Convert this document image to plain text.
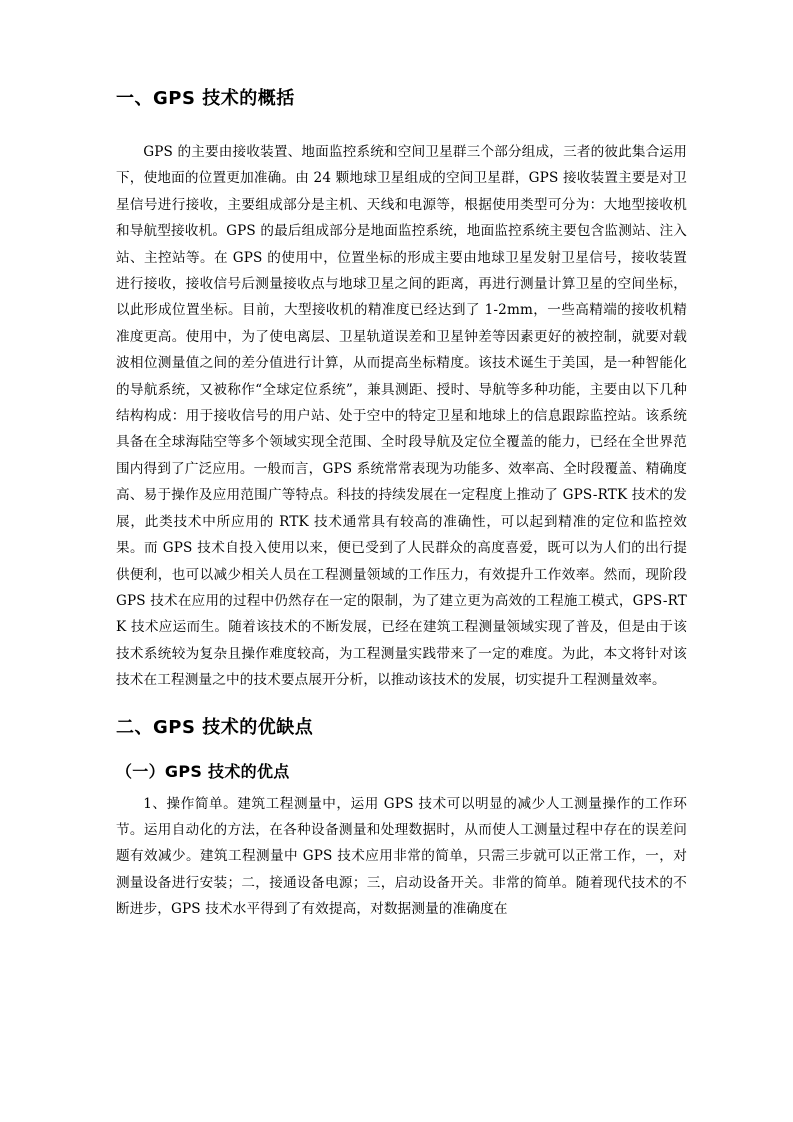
一、GPS 技术的概括

GPS 的主要由接收装置、地面监控系统和空间卫星群三个部分组成，三者的彼此集合运用下，使地面的位置更加准确。由 24 颗地球卫星组成的空间卫星群，GPS 接收装置主要是对卫星信号进行接收，主要组成部分是主机、天线和电源等，根据使用类型可分为：大地型接收机和导航型接收机。GPS 的最后组成部分是地面监控系统，地面监控系统主要包含监测站、注入站、主控站等。在 GPS 的使用中，位置坐标的形成主要由地球卫星发射卫星信号，接收装置进行接收，接收信号后测量接收点与地球卫星之间的距离，再进行测量计算卫星的空间坐标，以此形成位置坐标。目前，大型接收机的精准度已经达到了 1-2mm，一些高精端的接收机精准度更高。使用中，为了使电离层、卫星轨道误差和卫星钟差等因素更好的被控制，就要对载波相位测量值之间的差分值进行计算，从而提高坐标精度。该技术诞生于美国，是一种智能化的导航系统，又被称作“全球定位系统”，兼具测距、授时、导航等多种功能，主要由以下几种结构构成：用于接收信号的用户站、处于空中的特定卫星和地球上的信息跟踪监控站。该系统具备在全球海陆空等多个领域实现全范围、全时段导航及定位全覆盖的能力，已经在全世界范围内得到了广泛应用。一般而言，GPS 系统常常表现为功能多、效率高、全时段覆盖、精确度高、易于操作及应用范围广等特点。科技的持续发展在一定程度上推动了 GPS-RTK 技术的发展，此类技术中所应用的 RTK 技术通常具有较高的准确性，可以起到精准的定位和监控效果。而 GPS 技术自投入使用以来，便已受到了人民群众的高度喜爱，既可以为人们的出行提供便利，也可以减少相关人员在工程测量领域的工作压力，有效提升工作效率。然而，现阶段 GPS 技术在应用的过程中仍然存在一定的限制，为了建立更为高效的工程施工模式，GPS-RTK 技术应运而生。随着该技术的不断发展，已经在建筑工程测量领域实现了普及，但是由于该技术系统较为复杂且操作难度较高，为工程测量实践带来了一定的难度。为此，本文将针对该技术在工程测量之中的技术要点展开分析，以推动该技术的发展，切实提升工程测量效率。

二、GPS 技术的优缺点
（一）GPS 技术的优点

1、操作简单。建筑工程测量中，运用 GPS 技术可以明显的减少人工测量操作的工作环节。运用自动化的方法，在各种设备测量和处理数据时，从而使人工测量过程中存在的误差问题有效减少。建筑工程测量中 GPS 技术应用非常的简单，只需三步就可以正常工作，一，对测量设备进行安装；二，接通设备电源；三，启动设备开关。非常的简单。随着现代技术的不断进步，GPS 技术水平得到了有效提高，对数据测量的准确度在
